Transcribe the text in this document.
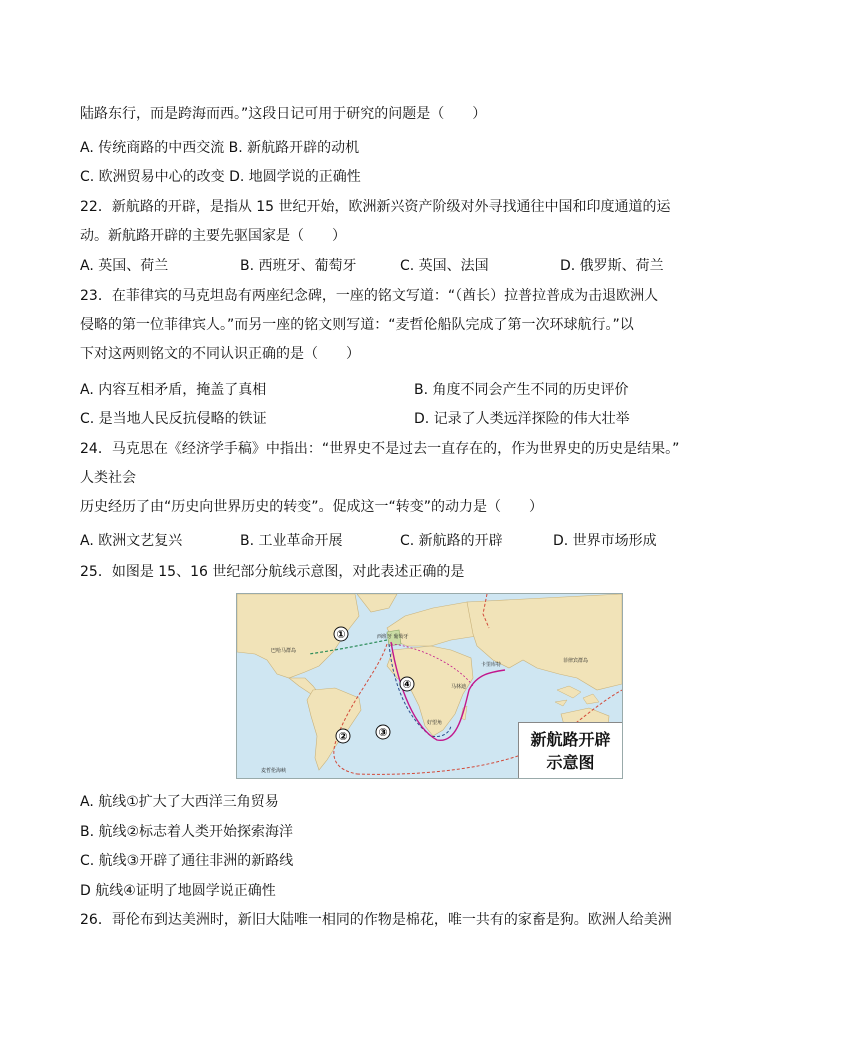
陆路东行，而是跨海而西。”这段日记可用于研究的问题是（　　）
A. 传统商路的中西交流 B. 新航路开辟的动机
C. 欧洲贸易中心的改变 D. 地圆学说的正确性
22．新航路的开辟，是指从 15 世纪开始，欧洲新兴资产阶级对外寻找通往中国和印度通道的运
动。新航路开辟的主要先驱国家是（　　）
A. 英国、荷兰	B. 西班牙、葡萄牙	C. 英国、法国	D. 俄罗斯、荷兰
23．在菲律宾的马克坦岛有两座纪念碑，一座的铭文写道：“（酋长）拉普拉普成为击退欧洲人
侵略的第一位菲律宾人。”而另一座的铭文则写道：“麦哲伦船队完成了第一次环球航行。”以
下对这两则铭文的不同认识正确的是（　　）
A. 内容互相矛盾，掩盖了真相	B. 角度不同会产生不同的历史评价
C. 是当地人民反抗侵略的铁证	D. 记录了人类远洋探险的伟大壮举
24．马克思在《经济学手稿》中指出：“世界史不是过去一直存在的，作为世界史的历史是结果。”
人类社会
历史经历了由“历史向世界历史的转变”。促成这一“转变”的动力是（　　）
A. 欧洲文艺复兴	B. 工业革命开展	C. 新航路的开辟	D. 世界市场形成
25．如图是 15、16 世纪部分航线示意图，对此表述正确的是
①
②	③
④
西班牙 葡萄牙
巴哈马群岛
卡里库特
菲律宾群岛
马林迪
好望角
麦哲伦海峡
新航路开辟
示意图
A. 航线①扩大了大西洋三角贸易
B. 航线②标志着人类开始探索海洋
C. 航线③开辟了通往非洲的新路线
D 航线④证明了地圆学说正确性
26．哥伦布到达美洲时，新旧大陆唯一相同的作物是棉花，唯一共有的家畜是狗。欧洲人给美洲
